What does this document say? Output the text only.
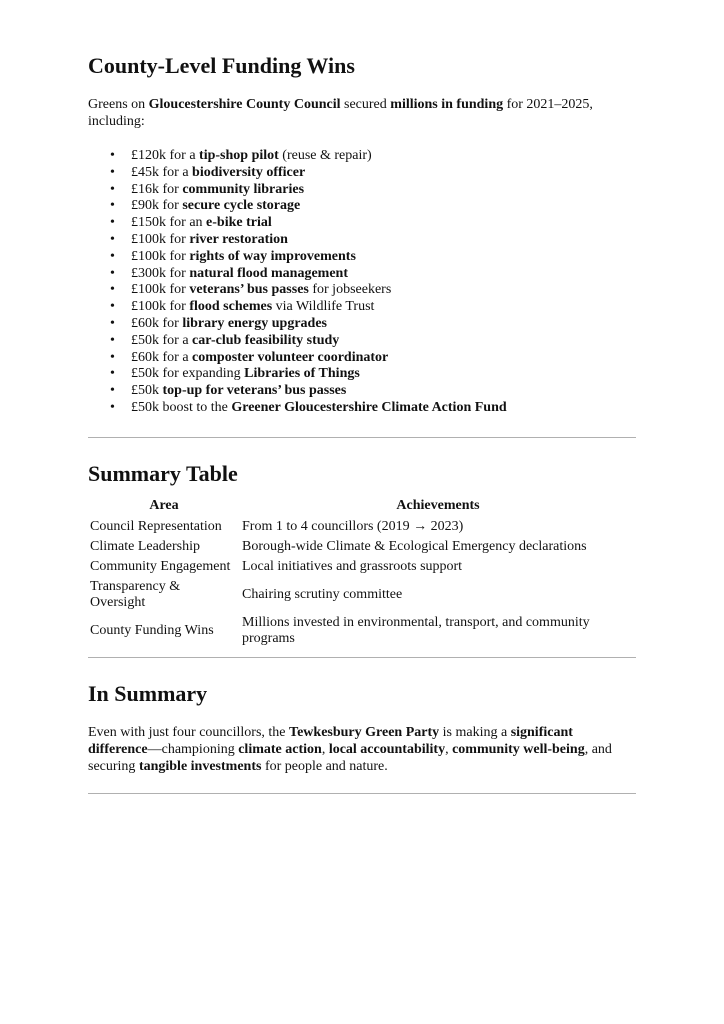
County-Level Funding Wins

Greens on Gloucestershire County Council secured millions in funding for 2021–2025, including:

• £120k for a tip-shop pilot (reuse & repair)
• £45k for a biodiversity officer
• £16k for community libraries
• £90k for secure cycle storage
• £150k for an e-bike trial
• £100k for river restoration
• £100k for rights of way improvements
• £300k for natural flood management
• £100k for veterans’ bus passes for jobseekers
• £100k for flood schemes via Wildlife Trust
• £60k for library energy upgrades
• £50k for a car-club feasibility study
• £60k for a composter volunteer coordinator
• £50k for expanding Libraries of Things
• £50k top-up for veterans’ bus passes
• £50k boost to the Greener Gloucestershire Climate Action Fund
Summary Table
Area	Achievements
Council Representation	From 1 to 4 councillors (2019 → 2023)
Climate Leadership	Borough-wide Climate & Ecological Emergency declarations
Community Engagement	Local initiatives and grassroots support
Transparency & Oversight	Chairing scrutiny committee
County Funding Wins	Millions invested in environmental, transport, and community programs
In Summary

Even with just four councillors, the Tewkesbury Green Party is making a significant difference—championing climate action, local accountability, community well-being, and securing tangible investments for people and nature.
